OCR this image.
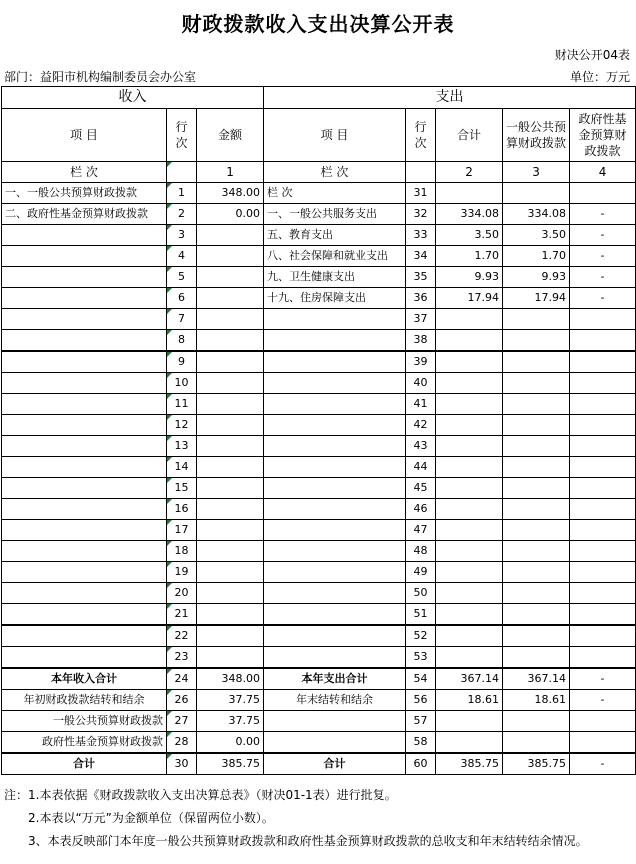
财政拨款收入支出决算公开表
财决公开04表
部门：益阳市机构编制委员会办公室	单位：万元
收入			支出				
项 目	行次	金额	项 目	行次	合计	一般公共预算财政拨款	政府性基金预算财政拨款
栏 次		1	栏 次		2	3	4
一、一般公共预算财政拨款	1	348.00	栏 次	31			
二、政府性基金预算财政拨款	2	0.00	一、一般公共服务支出	32	334.08	334.08	-
	3		五、教育支出	33	3.50	3.50	-
	4		八、社会保障和就业支出	34	1.70	1.70	-
	5		九、卫生健康支出	35	9.93	9.93	-
	6		十九、住房保障支出	36	17.94	17.94	-
	7			37			
	8			38			
	9			39			
	10			40			
	11			41			
	12			42			
	13			43			
	14			44			
	15			45			
	16			46			
	17			47			
	18			48			
	19			49			
	20			50			
	21			51			
	22			52			
	23			53			
本年收入合计	24	348.00	本年支出合计	54	367.14	367.14	-
年初财政拨款结转和结余	26	37.75	年末结转和结余	56	18.61	18.61	-
一般公共预算财政拨款	27	37.75		57			
政府性基金预算财政拨款	28	0.00		58			
合计	30	385.75	合计	60	385.75	385.75	-
注：1.本表依据《财政拨款收入支出决算总表》（财决01-1表）进行批复。
2.本表以“万元”为金额单位（保留两位小数）。
3、本表反映部门本年度一般公共预算财政拨款和政府性基金预算财政拨款的总收支和年末结转结余情况。
